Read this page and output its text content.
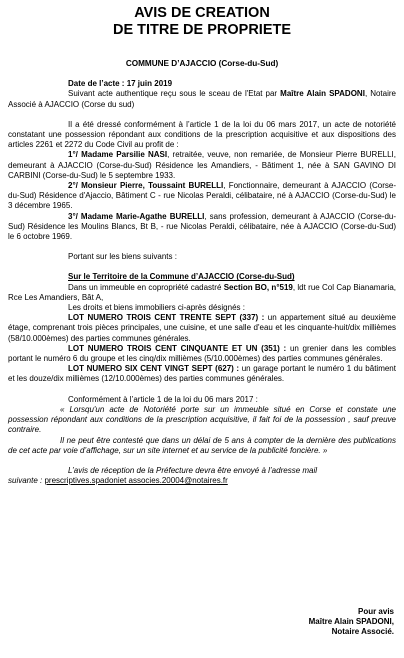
AVIS DE CREATION
DE TITRE DE PROPRIETE
COMMUNE D’AJACCIO (Corse-du-Sud)
Date de l’acte : 17 juin 2019

Suivant acte authentique reçu sous le sceau de l'Etat par Maître Alain SPADONI, Notaire Associé à AJACCIO (Corse du sud)

Il a été dressé conformément à l’article 1 de la loi du 06 mars 2017, un acte de notoriété constatant une possession répondant aux conditions de la prescription acquisitive et aux dispositions des articles 2261 et 2272 du Code Civil au profit de :

1°/ Madame Parsilie NASI, retraitée, veuve, non remariée, de Monsieur Pierre BURELLI, demeurant à AJACCIO (Corse-du-Sud) Résidence les Amandiers, - Bâtiment 1, née à SAN GAVINO DI CARBINI (Corse-du-Sud) le 5 septembre 1933.

2°/ Monsieur Pierre, Toussaint BURELLI, Fonctionnaire, demeurant à AJACCIO (Corse-du-Sud) Résidence d'Ajaccio, Bâtiment C - rue Nicolas Peraldi, célibataire, né à AJACCIO (Corse-du-Sud) le 3 décembre 1965.

3°/ Madame Marie-Agathe BURELLI, sans profession, demeurant à AJACCIO (Corse-du-Sud) Résidence les Moulins Blancs, Bt B, - rue Nicolas Peraldi, célibataire, née à AJACCIO (Corse-du-Sud) le 6 octobre 1969.

Portant sur les biens suivants :

Sur le Territoire de la Commune d’AJACCIO (Corse-du-Sud)

Dans un immeuble en copropriété cadastré Section BO, n°519, ldt rue Col Cap Bianamaria, Rce Les Amandiers, Bât A,

Les droits et biens immobiliers ci-après désignés :

LOT NUMERO TROIS CENT TRENTE SEPT (337) : un appartement situé au deuxième étage, comprenant trois pièces principales, une cuisine, et une salle d'eau et les cinquante-huit/dix millièmes (58/10.000èmes) des parties communes générales.

LOT NUMERO TROIS CENT CINQUANTE ET UN (351) : un grenier dans les combles portant le numéro 6 du groupe et les cinq/dix millièmes (5/10.000èmes) des parties communes générales.

LOT NUMERO SIX CENT VINGT SEPT (627) : un garage portant le numéro 1 du bâtiment et les douze/dix millièmes (12/10.000èmes) des parties communes générales.

Conformément à l’article 1 de la loi du 06 mars 2017 :

« Lorsqu'un acte de Notoriété porte sur un immeuble situé en Corse et constate une possession répondant aux conditions de la prescription acquisitive, il fait foi de la possession , sauf preuve contraire.

Il ne peut être contesté que dans un délai de 5 ans à compter de la dernière des publications de cet acte par voie d’affichage, sur un site internet et au service de la publicité foncière. »

L’avis de réception de la Préfecture devra être envoyé à l’adresse mail

suivante : prescriptives.spadoniet associes.20004@notaires.fr

Pour avis
Maître Alain SPADONI,
Notaire Associé.
